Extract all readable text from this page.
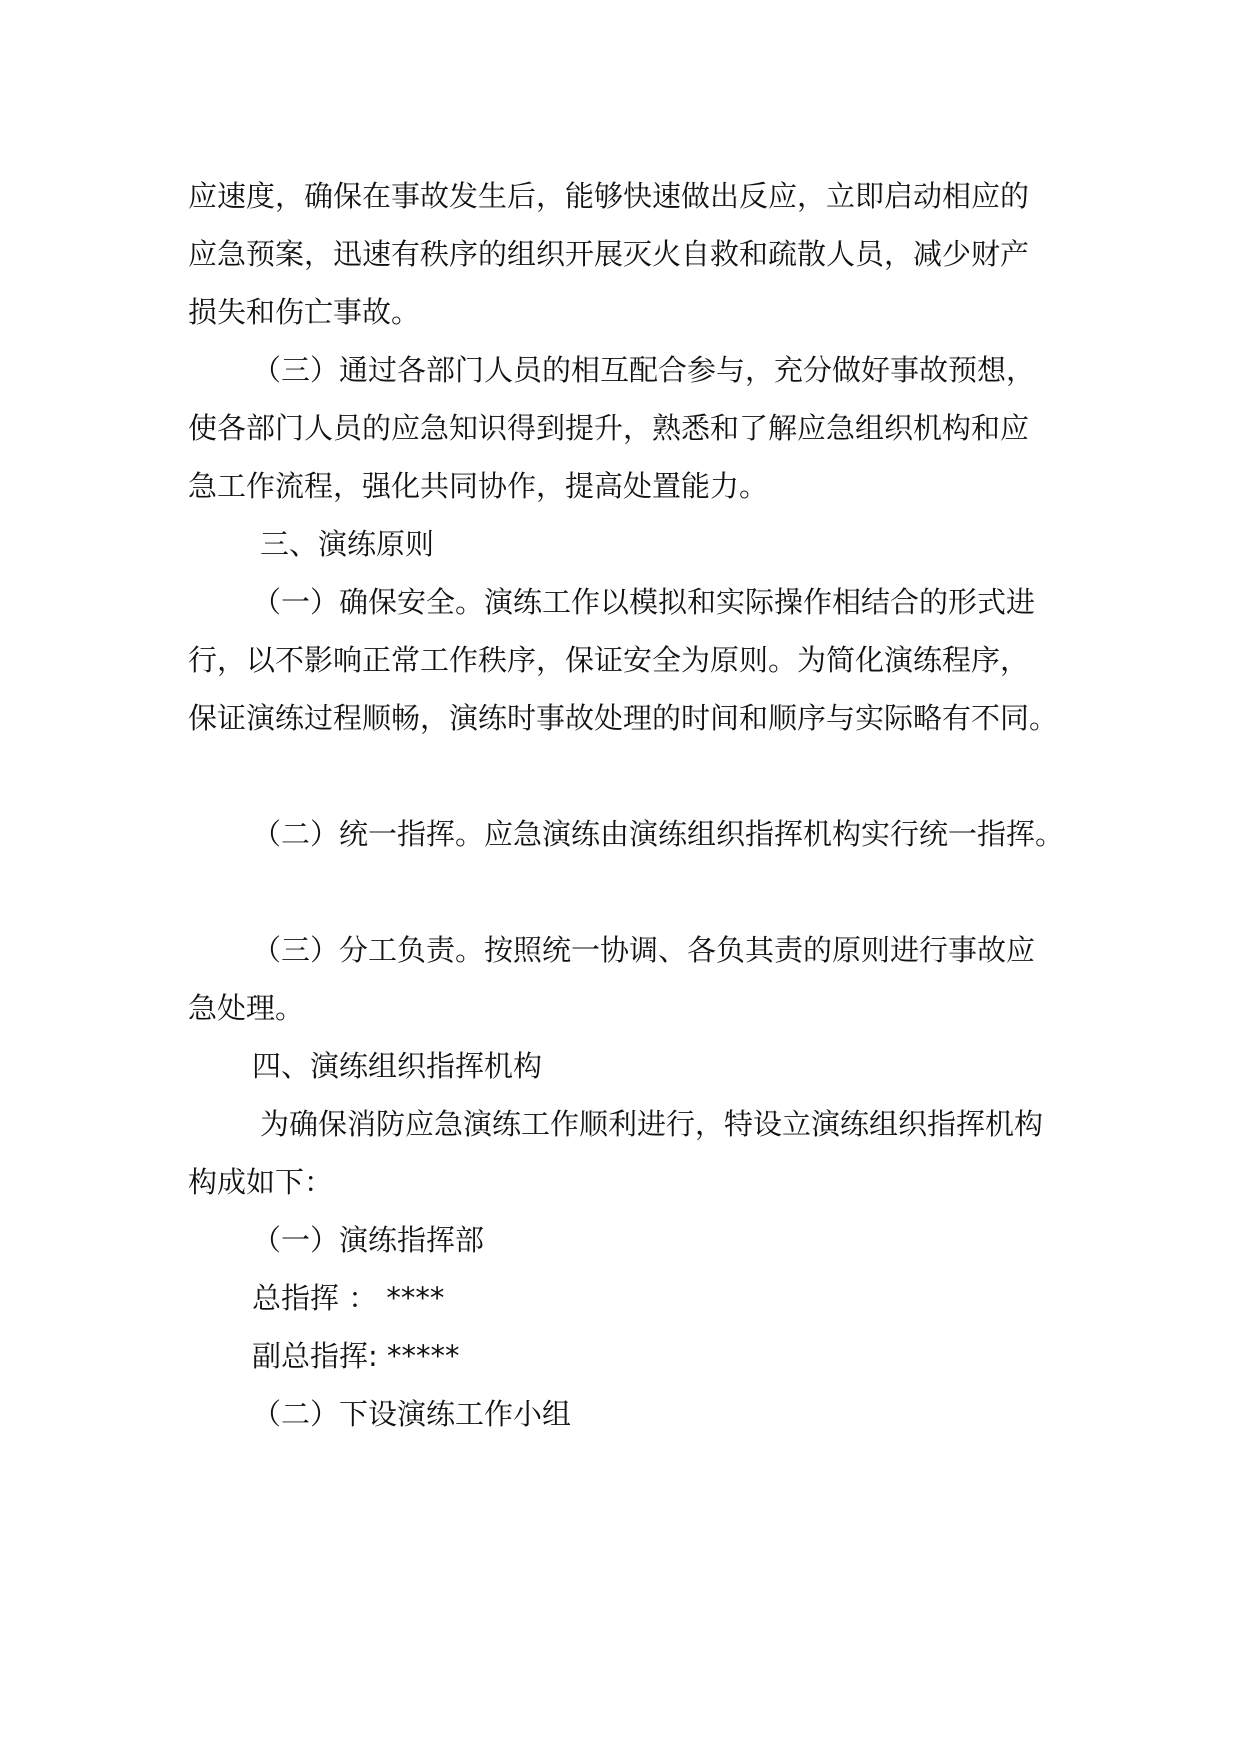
应速度，确保在事故发生后，能够快速做出反应，立即启动相应的
应急预案，迅速有秩序的组织开展灭火自救和疏散人员，减少财产
损失和伤亡事故。
（三）通过各部门人员的相互配合参与，充分做好事故预想，
使各部门人员的应急知识得到提升，熟悉和了解应急组织机构和应
急工作流程，强化共同协作，提高处置能力。
三、演练原则
（一）确保安全。演练工作以模拟和实际操作相结合的形式进
行，以不影响正常工作秩序，保证安全为原则。为简化演练程序，
保证演练过程顺畅，演练时事故处理的时间和顺序与实际略有不同。
（二）统一指挥。应急演练由演练组织指挥机构实行统一指挥。
（三）分工负责。按照统一协调、各负其责的原则进行事故应
急处理。
四、演练组织指挥机构
为确保消防应急演练工作顺利进行，特设立演练组织指挥机构
构成如下：
（一）演练指挥部
总指挥 ： ****
副总指挥: *****
（二）下设演练工作小组
